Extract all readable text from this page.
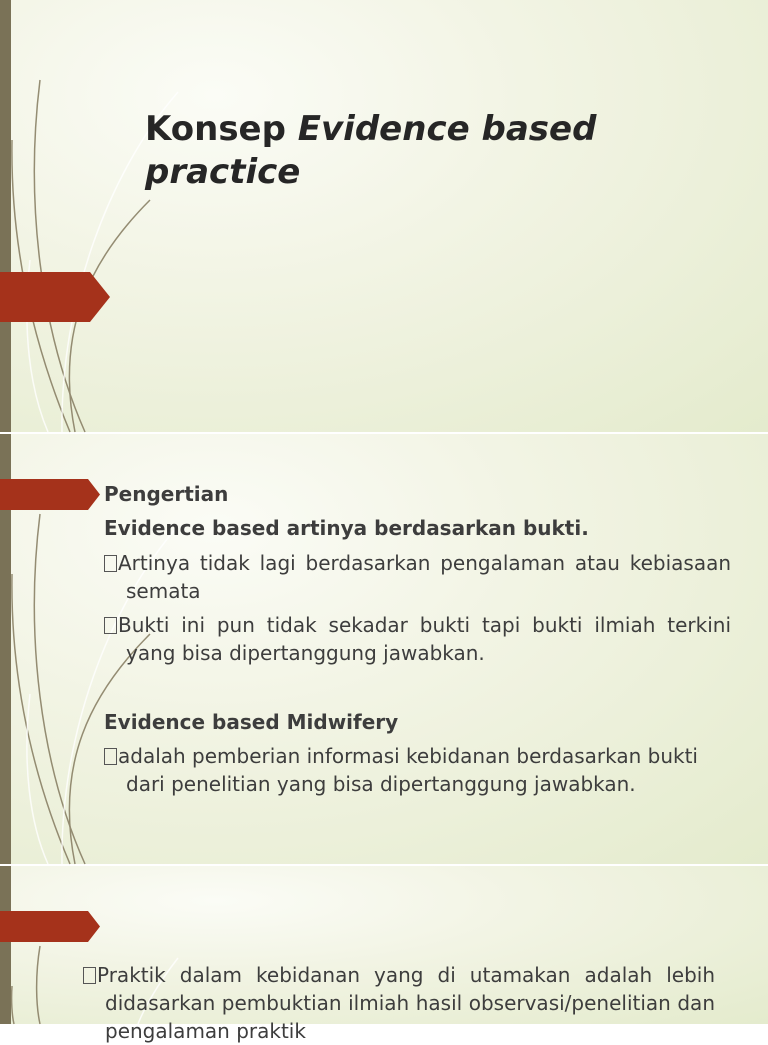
Konsep Evidence based practice

Pengertian

Evidence based artinya berdasarkan bukti.

Artinya tidak lagi berdasarkan pengalaman atau kebiasaan semata

Bukti ini pun tidak sekadar bukti tapi bukti ilmiah terkini yang bisa dipertanggung jawabkan.

Evidence based Midwifery

adalah pemberian informasi kebidanan berdasarkan bukti dari penelitian yang bisa dipertanggung jawabkan.

Praktik dalam kebidanan yang di utamakan adalah lebih didasarkan pembuktian ilmiah hasil observasi/penelitian dan pengalaman praktik
